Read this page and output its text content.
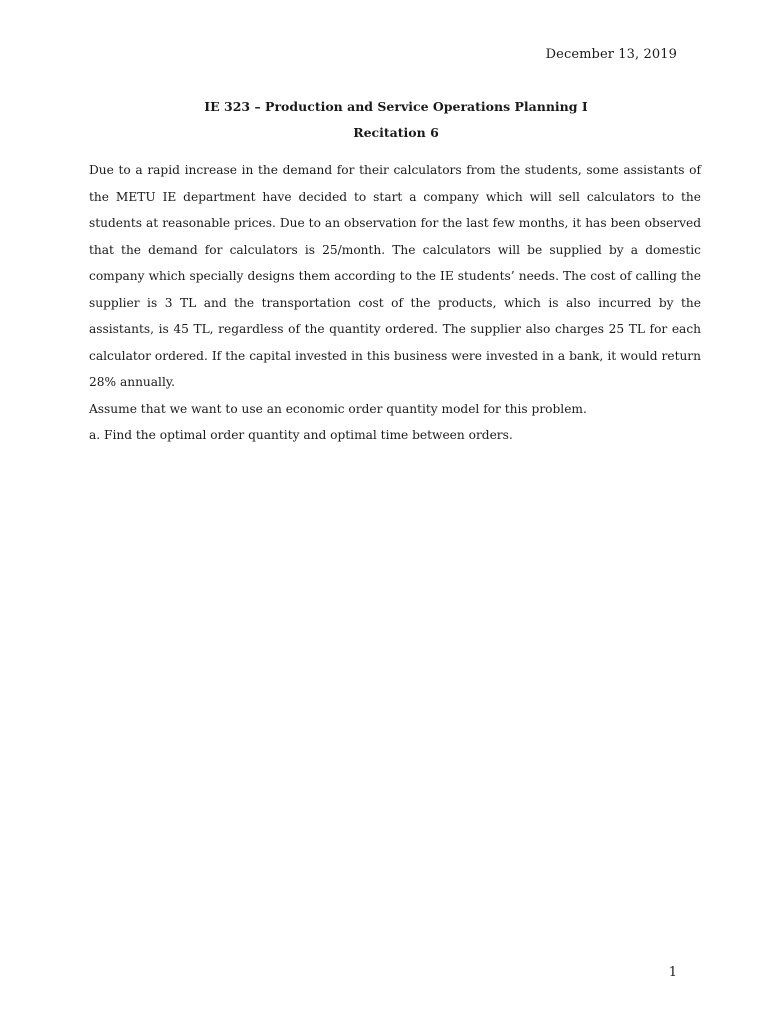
December 13, 2019
IE 323 – Production and Service Operations Planning I
Recitation 6

Due to a rapid increase in the demand for their calculators from the students, some assistants of the METU IE department have decided to start a company which will sell calculators to the students at reasonable prices. Due to an observation for the last few months, it has been observed that the demand for calculators is 25/month. The calculators will be supplied by a domestic company which specially designs them according to the IE students’ needs. The cost of calling the supplier is 3 TL and the transportation cost of the products, which is also incurred by the assistants, is 45 TL, regardless of the quantity ordered. The supplier also charges 25 TL for each calculator ordered. If the capital invested in this business were invested in a bank, it would return 28% annually.

Assume that we want to use an economic order quantity model for this problem.

a. Find the optimal order quantity and optimal time between orders.

1
